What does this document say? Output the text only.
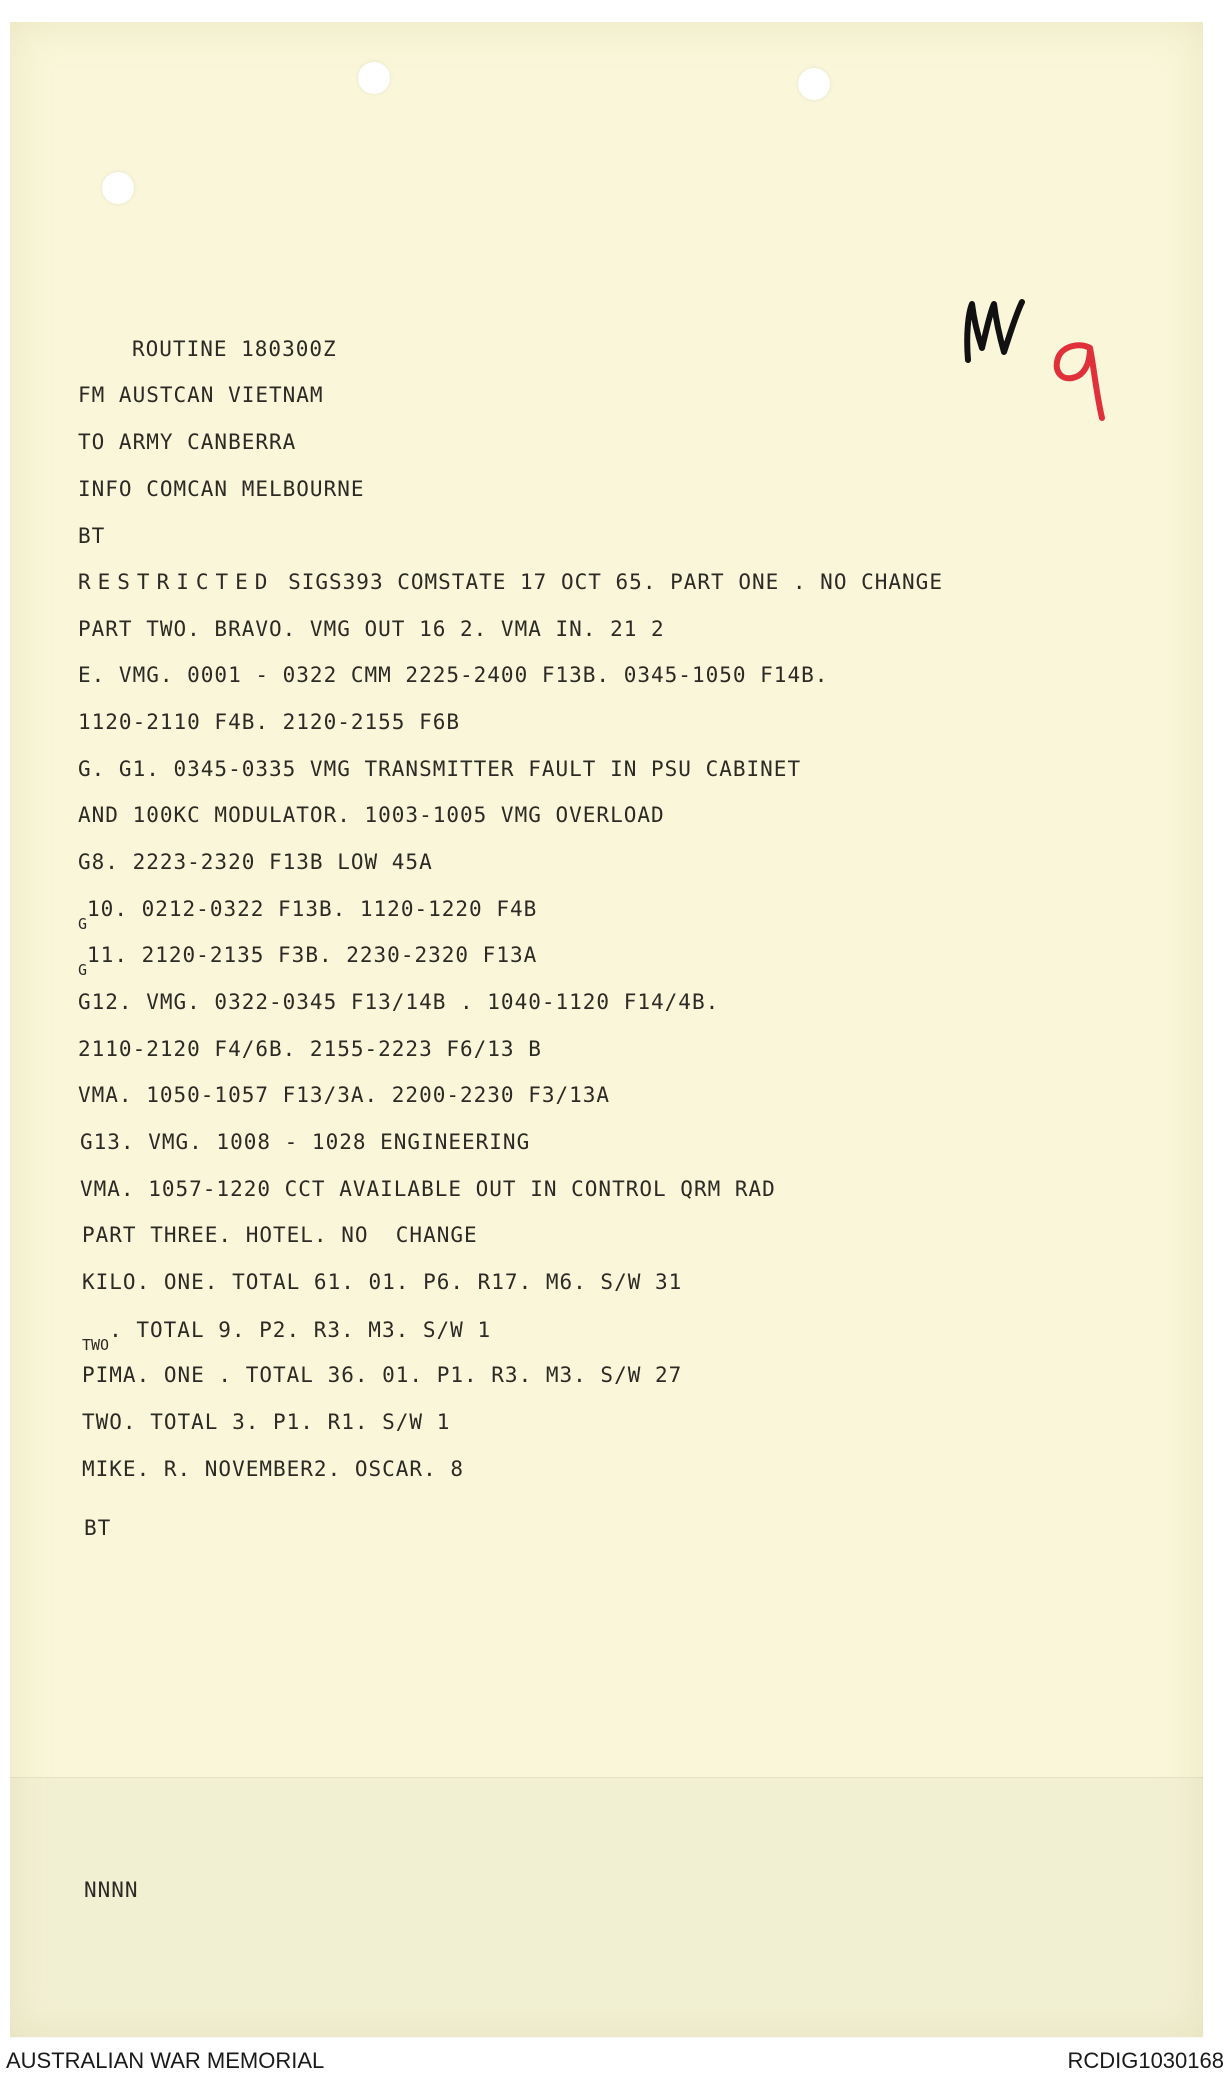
ROUTINE 180300Z
FM AUSTCAN VIETNAM
TO ARMY CANBERRA
INFO COMCAN MELBOURNE
BT
RESTRICTED SIGS393 COMSTATE 17 OCT 65. PART ONE . NO CHANGE
PART TWO. BRAVO. VMG OUT 16 2. VMA IN. 21 2
E. VMG. 0001 - 0322 CMM 2225-2400 F13B. 0345-1050 F14B.
1120-2110 F4B. 2120-2155 F6B
G. G1. 0345-0335 VMG TRANSMITTER FAULT IN PSU CABINET
AND 100KC MODULATOR. 1003-1005 VMG OVERLOAD
G8. 2223-2320 F13B LOW 45A
$_G$10. 0212-0322 F13B. 1120-1220 F4B
$_G$11. 2120-2135 F3B. 2230-2320 F13A
G12. VMG. 0322-0345 F13/14B . 1040-1120 F14/4B.
2110-2120 F4/6B. 2155-2223 F6/13 B
VMA. 1050-1057 F13/3A. 2200-2230 F3/13A
G13. VMG. 1008 - 1028 ENGINEERING
VMA. 1057-1220 CCT AVAILABLE OUT IN CONTROL QRM RAD
PART THREE. HOTEL. NO  CHANGE
KILO. ONE. TOTAL 61. 01. P6. R17. M6. S/W 31
$_{TWO}$. TOTAL 9. P2. R3. M3. S/W 1
PIMA. ONE . TOTAL 36. 01. P1. R3. M3. S/W 27
TWO. TOTAL 3. P1. R1. S/W 1
MIKE. R. NOVEMBER2. OSCAR. 8
BT
NNNN
AUSTRALIAN WAR MEMORIAL	RCDIG1030168
